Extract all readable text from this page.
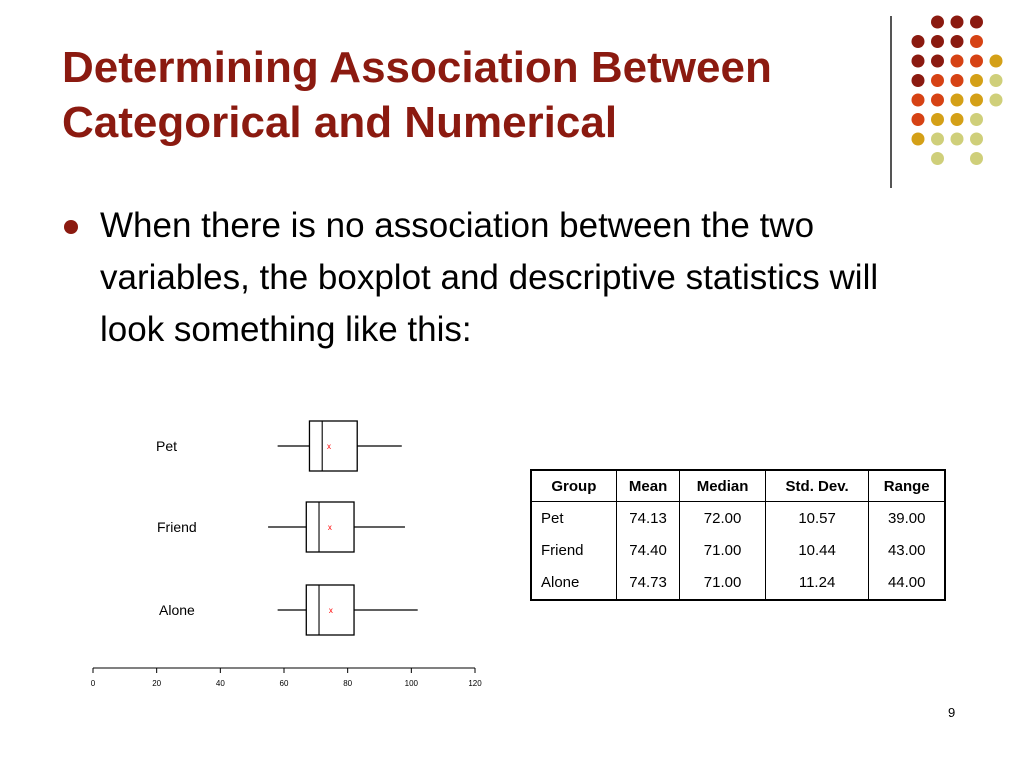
Determining Association Between
Categorical and Numerical
When there is no association between the two variables, the boxplot and descriptive statistics will look something like this:
Pet	x
Friend	x
Alone	x
0	20	40	60	80	100	120
Group	Mean	Median	Std. Dev.	Range
Pet	74.13	72.00	10.57	39.00
Friend	74.40	71.00	10.44	43.00
Alone	74.73	71.00	11.24	44.00
9
